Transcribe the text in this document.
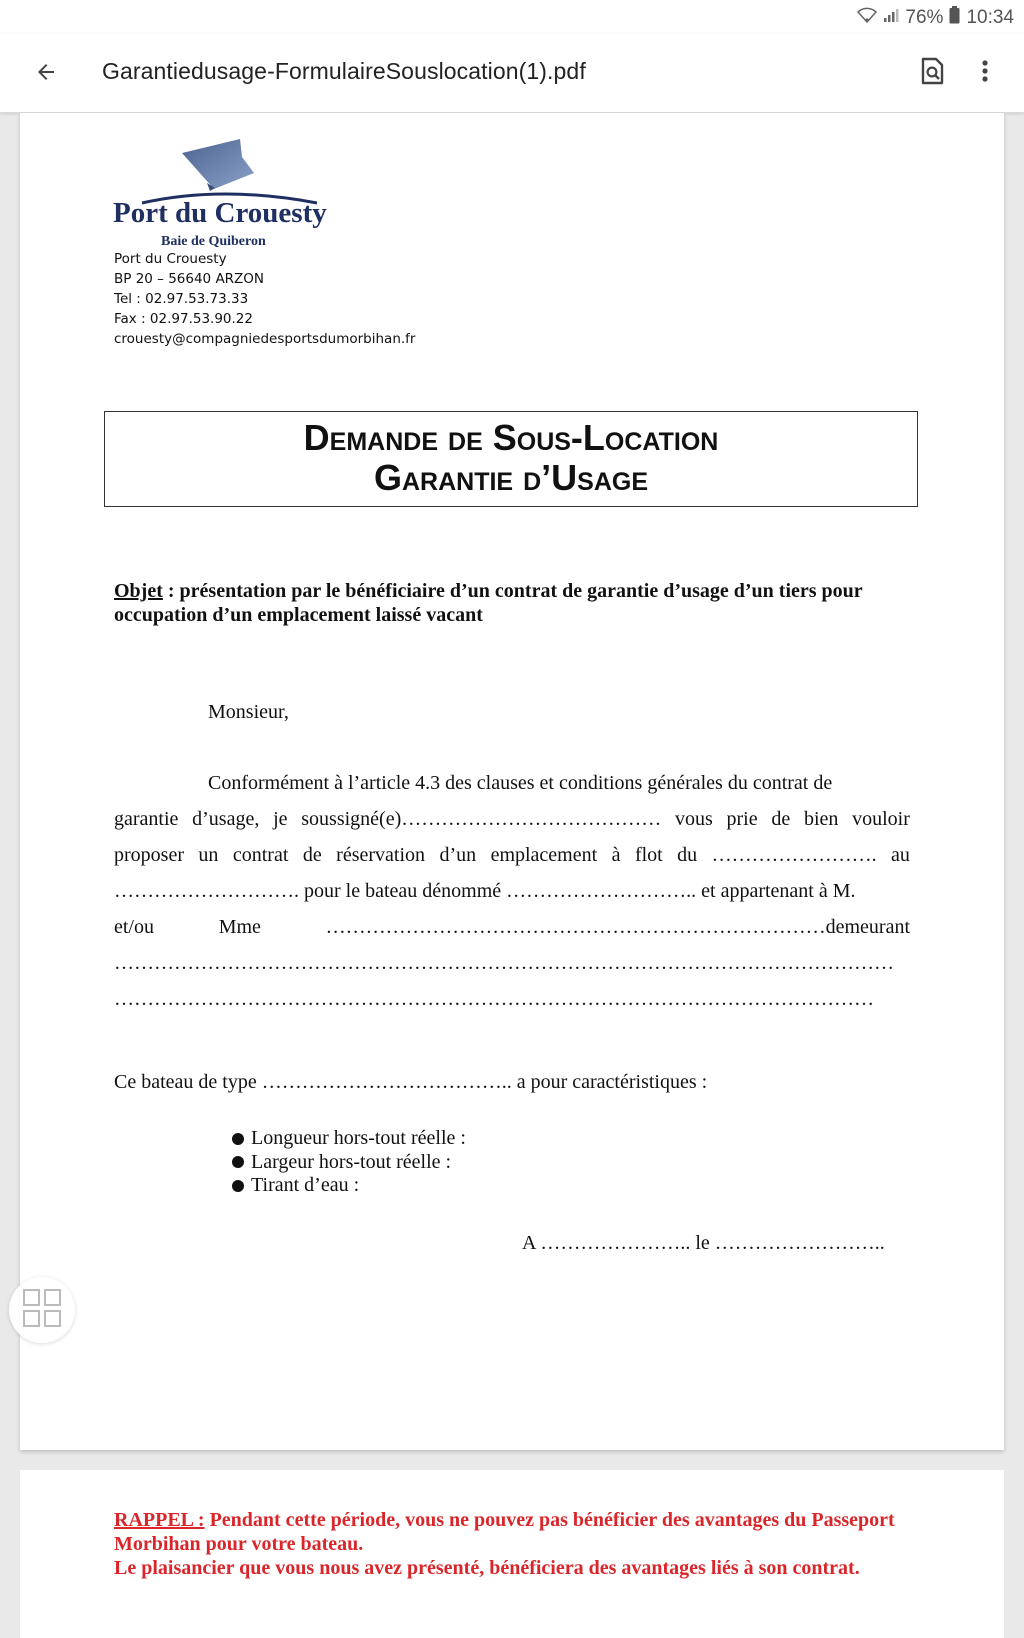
76% 10:34
Garantiedusage-FormulaireSouslocation(1).pdf
Port du Crouesty
Baie de Quiberon
Port du Crouesty
BP 20 – 56640 ARZON
Tel : 02.97.53.73.33
Fax : 02.97.53.90.22
crouesty@compagniedesportsdumorbihan.fr
Demande de Sous-Location
Garantie d’Usage
Objet : présentation par le bénéficiaire d’un contrat de garantie d’usage d’un tiers pour occupation d’un emplacement laissé vacant
Monsieur,
Conformément à l’article 4.3 des clauses et conditions générales du contrat de
garantie d’usage, je soussigné(e)………………………………… vous prie de bien vouloir
proposer un contrat de réservation d’un emplacement à flot du ……………………. au
………………………. pour le bateau dénommé ……………………….. et appartenant à M.
et/ou	Mme	…………………………………………………………………demeurant
………………………………………………………………………………………………………
……………………………………………………………………………………………………
Ce bateau de type ……………………………….. a pour caractéristiques :
Longueur hors-tout réelle :
Largeur hors-tout réelle :
Tirant d’eau :
A ………………….. le ……………………..
RAPPEL : Pendant cette période, vous ne pouvez pas bénéficier des avantages du Passeport Morbihan pour votre bateau.
Le plaisancier que vous nous avez présenté, bénéficiera des avantages liés à son contrat.
